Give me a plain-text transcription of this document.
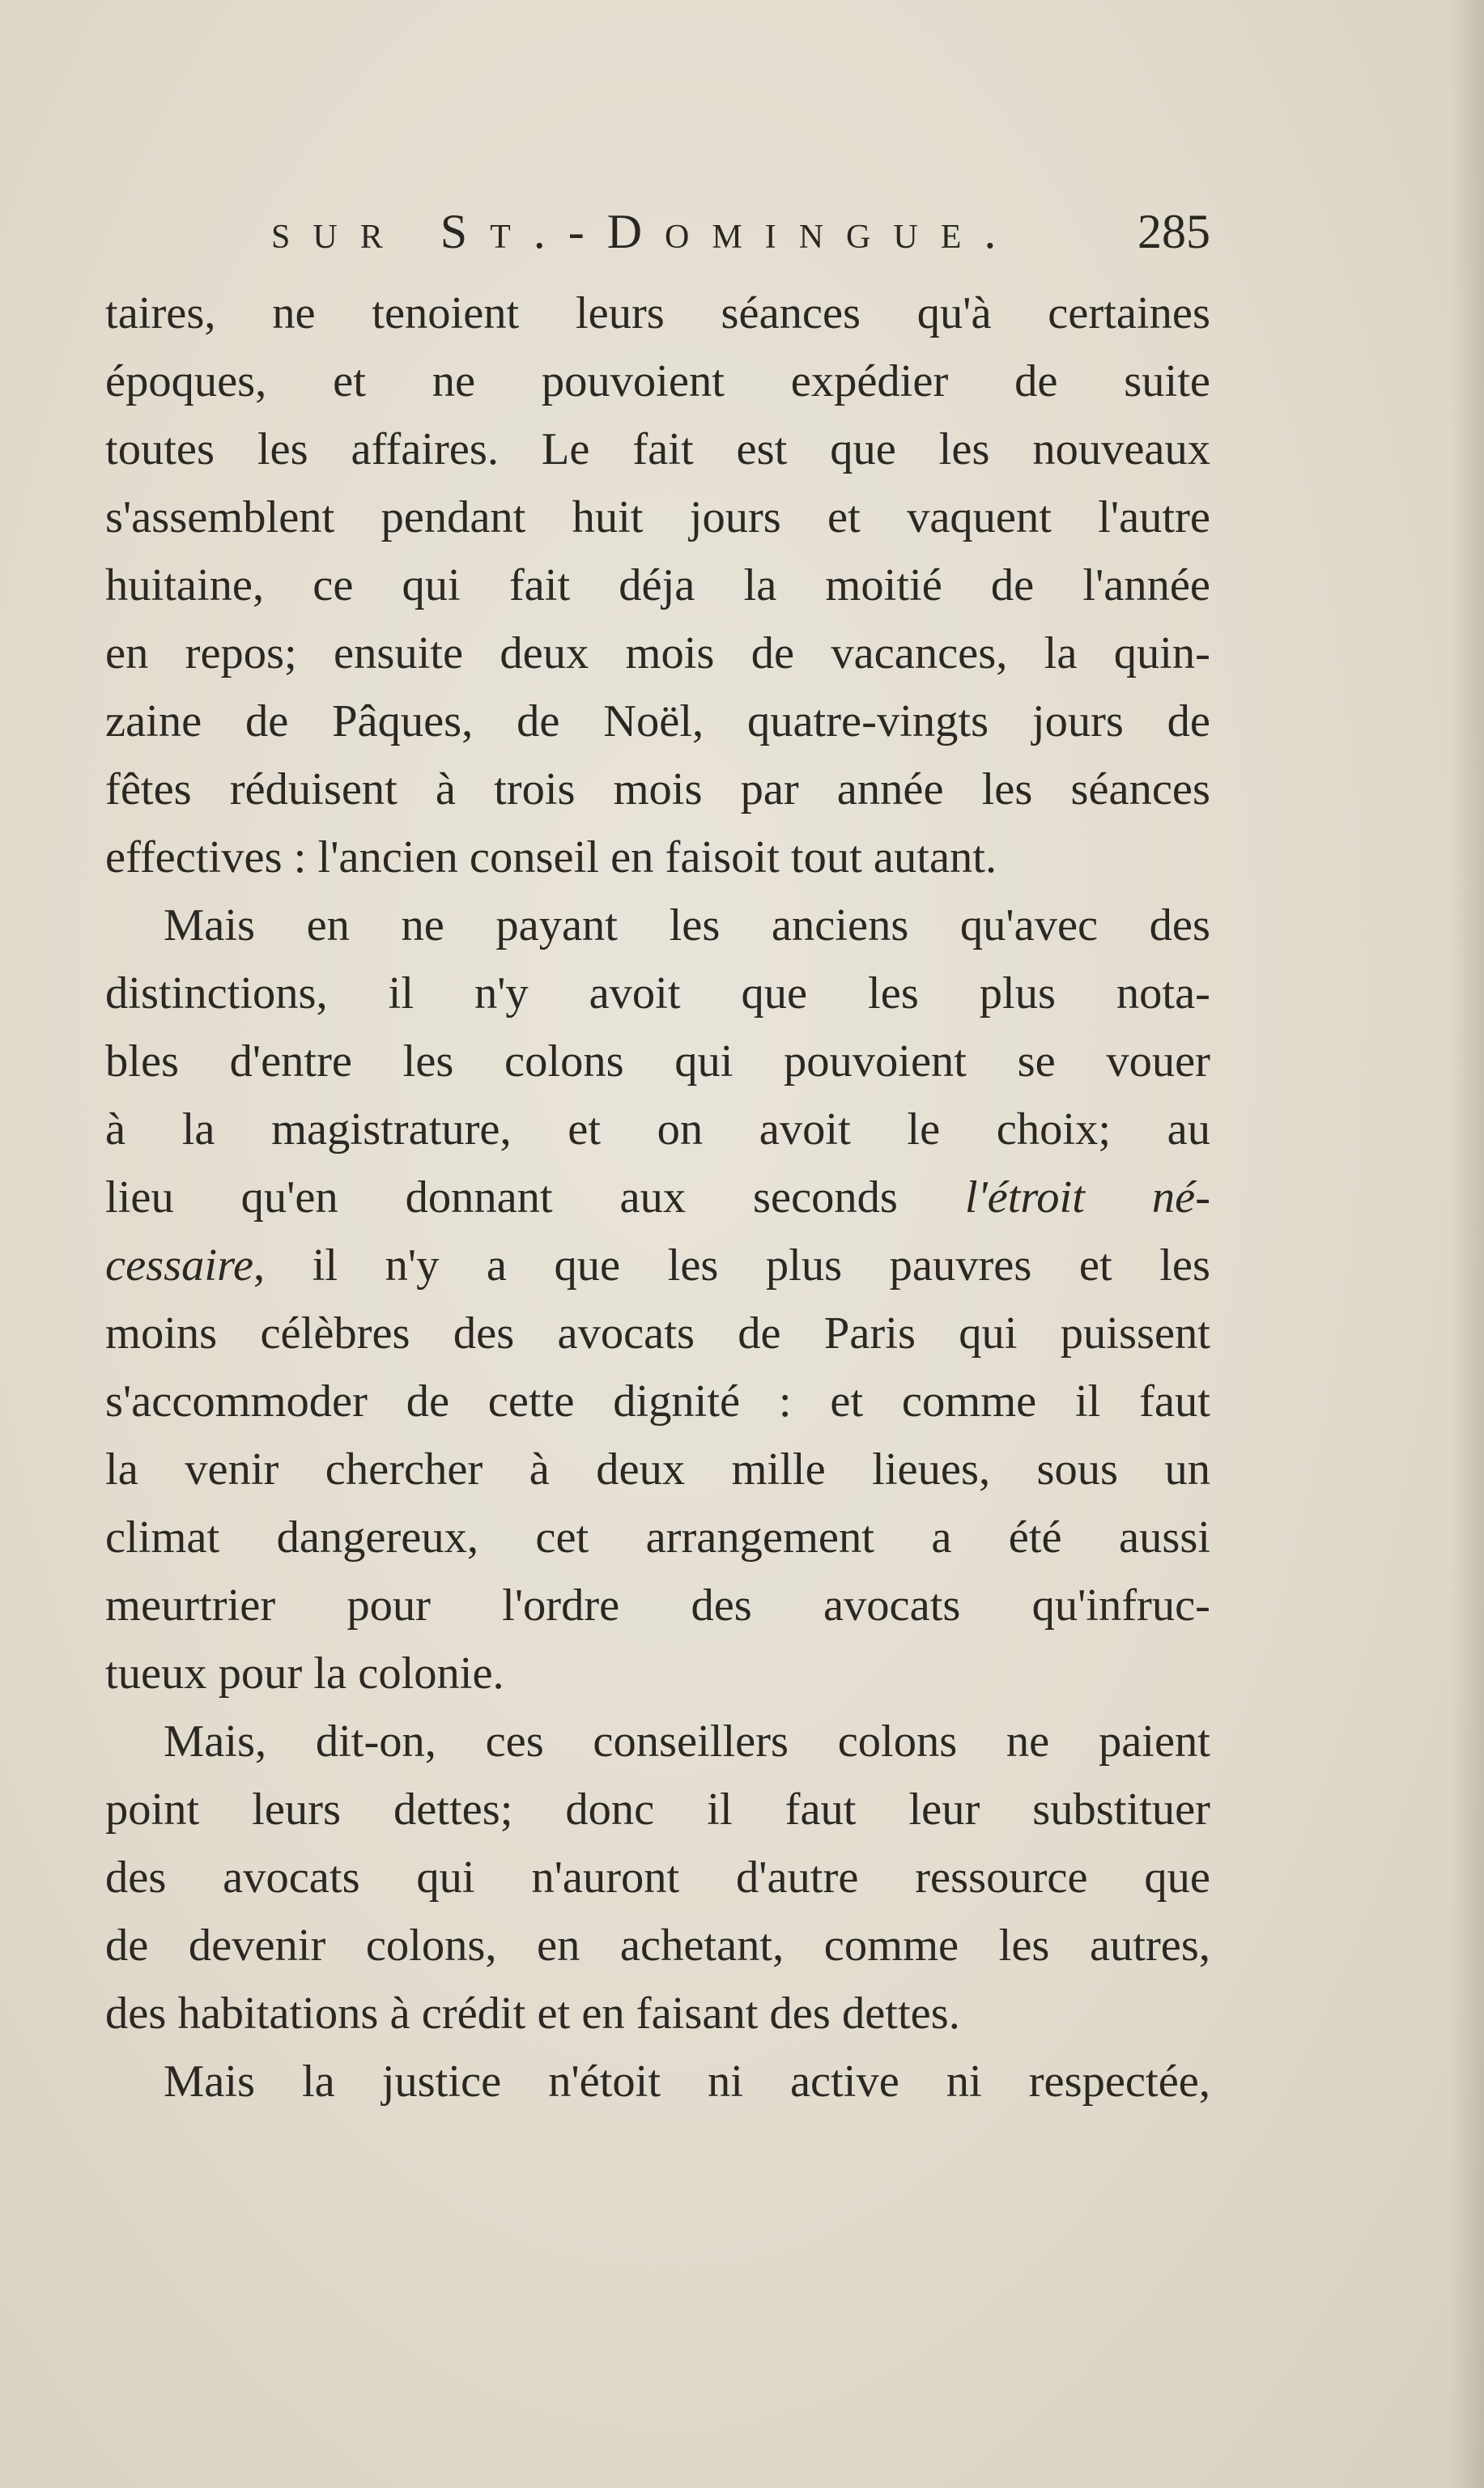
sur St.-Domingue. 285
taires, ne tenoient leurs séances qu'à certaines
époques, et ne pouvoient expédier de suite
toutes les affaires. Le fait est que les nouveaux
s'assemblent pendant huit jours et vaquent l'autre
huitaine, ce qui fait déja la moitié de l'année
en repos; ensuite deux mois de vacances, la quin-
zaine de Pâques, de Noël, quatre-vingts jours de
fêtes réduisent à trois mois par année les séances
effectives : l'ancien conseil en faisoit tout autant.
Mais en ne payant les anciens qu'avec des
distinctions, il n'y avoit que les plus nota-
bles d'entre les colons qui pouvoient se vouer
à la magistrature, et on avoit le choix; au
lieu qu'en donnant aux seconds l'étroit né-
cessaire, il n'y a que les plus pauvres et les
moins célèbres des avocats de Paris qui puissent
s'accommoder de cette dignité : et comme il faut
la venir chercher à deux mille lieues, sous un
climat dangereux, cet arrangement a été aussi
meurtrier pour l'ordre des avocats qu'infruc-
tueux pour la colonie.
Mais, dit-on, ces conseillers colons ne paient
point leurs dettes; donc il faut leur substituer
des avocats qui n'auront d'autre ressource que
de devenir colons, en achetant, comme les autres,
des habitations à crédit et en faisant des dettes.
Mais la justice n'étoit ni active ni respectée,
